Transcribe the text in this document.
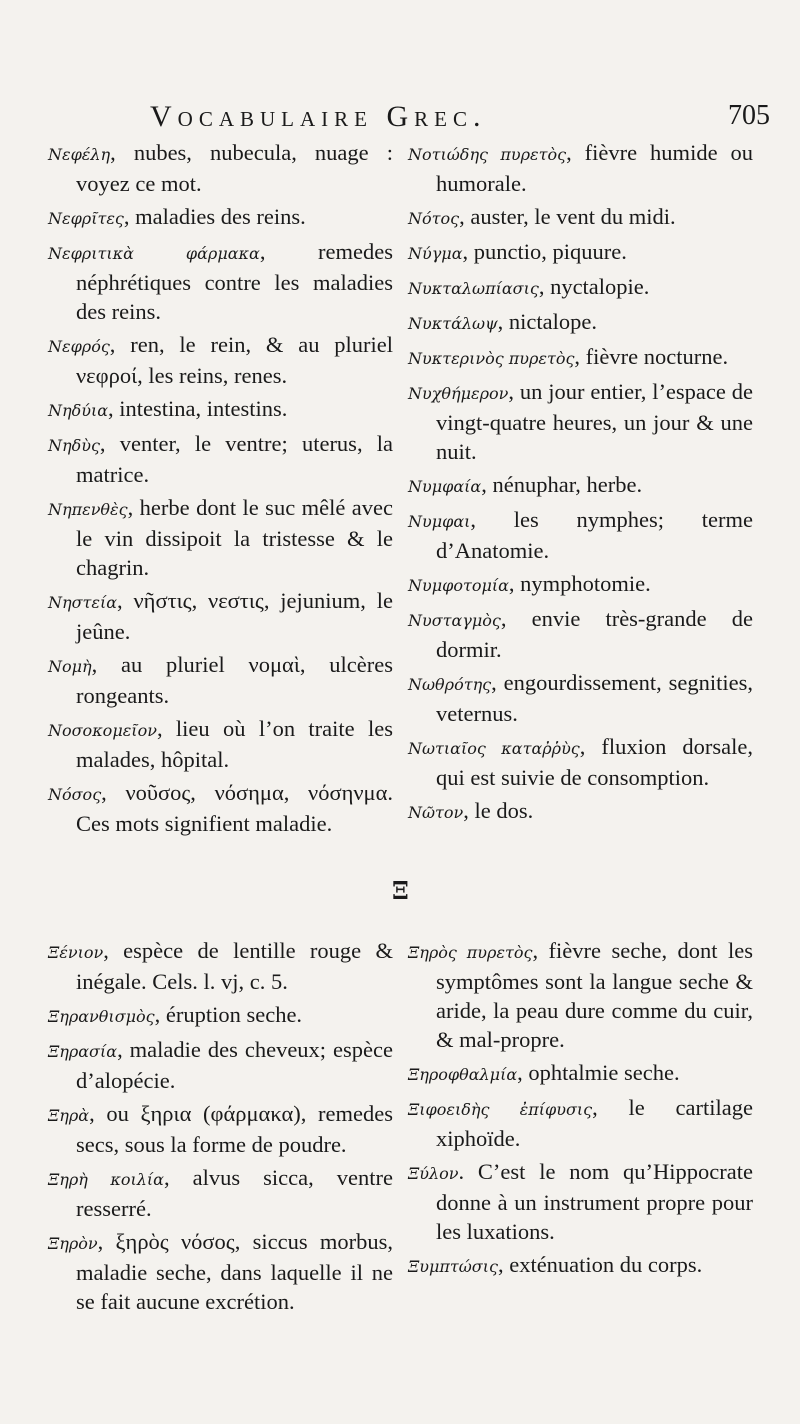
Vocabulaire Grec.	705

Νεφέλη, nubes, nubecula, nuage : voyez ce mot.

Νεφρῖτες, maladies des reins.

Νεφριτικὰ φάρμακα, remedes néphrétiques contre les maladies des reins.

Νεφρός, ren, le rein, & au pluriel νεφροί, les reins, renes.

Νηδύια, intestina, intestins.

Νηδὺς, venter, le ventre; uterus, la matrice.

Νηπενθὲς, herbe dont le suc mêlé avec le vin dissipoit la tristesse & le chagrin.

Νηστεία, νῆστις, νεστις, jejunium, le jeûne.

Νομὴ, au pluriel νομαὶ, ulcères rongeants.

Νοσοκομεῖον, lieu où l’on traite les malades, hôpital.

Νόσος, νοῦσος, νόσημα, νόσηνμα. Ces mots signifient maladie.

Νοτιώδης πυρετὸς, fièvre humide ou humorale.

Νότος, auster, le vent du midi.

Νύγμα, punctio, piquure.

Νυκταλωπίασις, nyctalopie.

Νυκτάλωψ, nictalope.

Νυκτερινὸς πυρετὸς, fièvre nocturne.

Νυχθήμερον, un jour entier, l’espace de vingt-quatre heures, un jour & une nuit.

Νυμφαία, nénuphar, herbe.

Νυμφαι, les nymphes; terme d’Anatomie.

Νυμφοτομία, nymphotomie.

Νυσταγμὸς, envie très-grande de dormir.

Νωθρότης, engourdissement, segnities, veternus.

Νωτιαῖος καταῤῥὺς, fluxion dorsale, qui est suivie de consomption.

Νῶτον, le dos.

Ξ

Ξένιον, espèce de lentille rouge & inégale. Cels. l. vj, c. 5.

Ξηρανθισμὸς, éruption seche.

Ξηρασία, maladie des cheveux; espèce d’alopécie.

Ξηρὰ, ou ξηρια (φάρμακα), remedes secs, sous la forme de poudre.

Ξηρὴ κοιλία, alvus sicca, ventre resserré.

Ξηρὸν, ξηρὸς νόσος, siccus morbus, maladie seche, dans laquelle il ne se fait aucune excrétion.

Ξηρὸς πυρετὸς, fièvre seche, dont les symptômes sont la langue seche & aride, la peau dure comme du cuir, & mal-propre.

Ξηροφθαλμία, ophtalmie seche.

Ξιφοειδὴς ἐπίφυσις, le cartilage xiphoïde.

Ξύλον. C’est le nom qu’Hippocrate donne à un instrument propre pour les luxations.

Ξυμπτώσις, exténuation du corps.
